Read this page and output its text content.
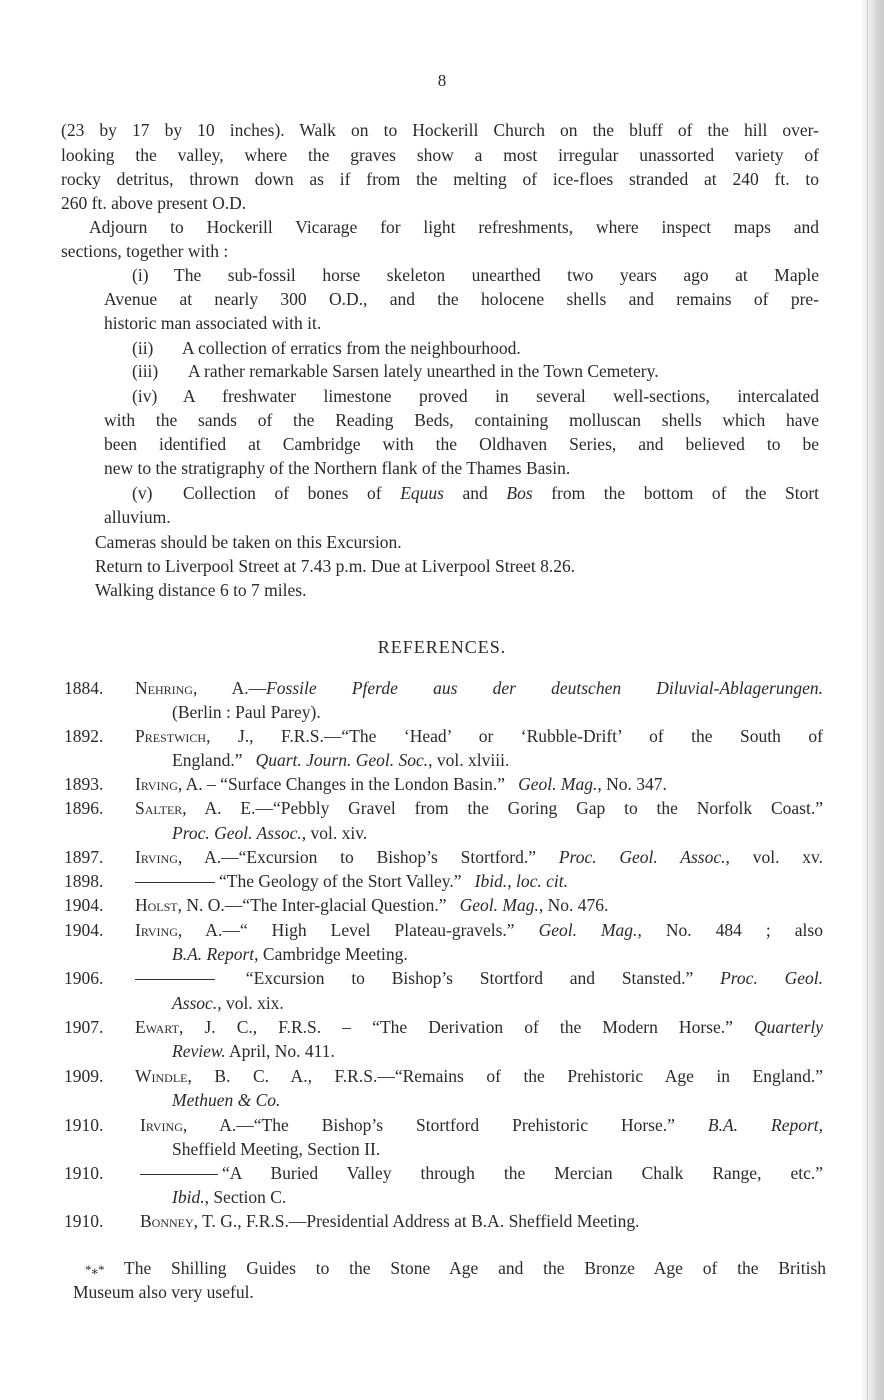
8
(23 by 17 by 10 inches). Walk on to Hockerill Church on the bluff of the hill over-
looking the valley, where the graves show a most irregular unassorted variety of
rocky detritus, thrown down as if from the melting of ice-floes stranded at 240 ft. to
260 ft. above present O.D.
Adjourn to Hockerill Vicarage for light refreshments, where inspect maps and
sections, together with :
(i) The sub-fossil horse skeleton unearthed two years ago at Maple
Avenue at nearly 300 O.D., and the holocene shells and remains of pre-
historic man associated with it.
(ii) A collection of erratics from the neighbourhood.
(iii) A rather remarkable Sarsen lately unearthed in the Town Cemetery.
(iv) A freshwater limestone proved in several well-sections, intercalated
with the sands of the Reading Beds, containing molluscan shells which have
been identified at Cambridge with the Oldhaven Series, and believed to be
new to the stratigraphy of the Northern flank of the Thames Basin.
(v) Collection of bones of Equus and Bos from the bottom of the Stort
alluvium.
Cameras should be taken on this Excursion.
Return to Liverpool Street at 7.43 p.m. Due at Liverpool Street 8.26.
Walking distance 6 to 7 miles.
REFERENCES.
1884. Nehring, A.—Fossile Pferde aus der deutschen Diluvial-Ablagerungen.
(Berlin : Paul Parey).
1892. Prestwich, J., F.R.S.—“The ‘Head’ or ‘Rubble-Drift’ of the South of
England.” Quart. Journ. Geol. Soc., vol. xlviii.
1893. Irving, A. – “Surface Changes in the London Basin.” Geol. Mag., No. 347.
1896. Salter, A. E.—“Pebbly Gravel from the Goring Gap to the Norfolk Coast.”
Proc. Geol. Assoc., vol. xiv.
1897. Irving, A.—“Excursion to Bishop’s Stortford.” Proc. Geol. Assoc., vol. xv.
1898.	“The Geology of the Stort Valley.” Ibid., loc. cit.
1904. Holst, N. O.—“The Inter-glacial Question.” Geol. Mag., No. 476.
1904. Irving, A.—“ High Level Plateau-gravels.” Geol. Mag., No. 484 ; also
B.A. Report, Cambridge Meeting.
1906.	“Excursion to Bishop’s Stortford and Stansted.” Proc. Geol.
Assoc., vol. xix.
1907. Ewart, J. C., F.R.S. – “The Derivation of the Modern Horse.” Quarterly
Review. April, No. 411.
1909. Windle, B. C. A., F.R.S.—“Remains of the Prehistoric Age in England.”
Methuen & Co.
1910. Irving, A.—“The Bishop’s Stortford Prehistoric Horse.” B.A. Report,
Sheffield Meeting, Section II.
1910.	“A Buried Valley through the Mercian Chalk Range, etc.”
Ibid., Section C.
1910. Bonney, T. G., F.R.S.—Presidential Address at B.A. Sheffield Meeting.
*⁎* The Shilling Guides to the Stone Age and the Bronze Age of the British
Museum also very useful.
